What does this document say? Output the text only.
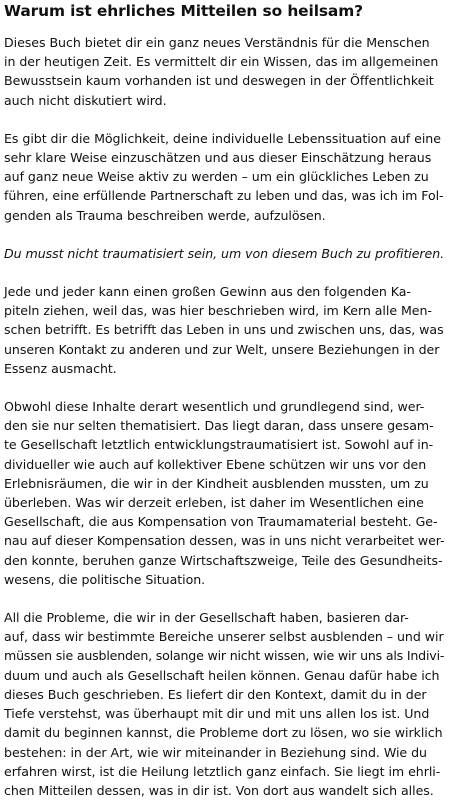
Warum ist ehrliches Mitteilen so heilsam?

Dieses Buch bietet dir ein ganz neues Verständnis für die Menschen
in der heutigen Zeit. Es vermittelt dir ein Wissen, das im allgemeinen
Bewusstsein kaum vorhanden ist und deswegen in der Öffentlichkeit
auch nicht diskutiert wird.

Es gibt dir die Möglichkeit, deine individuelle Lebenssituation auf eine
sehr klare Weise einzuschätzen und aus dieser Einschätzung heraus
auf ganz neue Weise aktiv zu werden – um ein glückliches Leben zu
führen, eine erfüllende Partnerschaft zu leben und das, was ich im Fol-
genden als Trauma beschreiben werde, aufzulösen.

Du musst nicht traumatisiert sein, um von diesem Buch zu profitieren.

Jede und jeder kann einen großen Gewinn aus den folgenden Ka-
piteln ziehen, weil das, was hier beschrieben wird, im Kern alle Men-
schen betrifft. Es betrifft das Leben in uns und zwischen uns, das, was
unseren Kontakt zu anderen und zur Welt, unsere Beziehungen in der
Essenz ausmacht.

Obwohl diese Inhalte derart wesentlich und grundlegend sind, wer-
den sie nur selten thematisiert. Das liegt daran, dass unsere gesam-
te Gesellschaft letztlich entwicklungstraumatisiert ist. Sowohl auf in-
dividueller wie auch auf kollektiver Ebene schützen wir uns vor den
Erlebnisräumen, die wir in der Kindheit ausblenden mussten, um zu
überleben. Was wir derzeit erleben, ist daher im Wesentlichen eine
Gesellschaft, die aus Kompensation von Traumamaterial besteht. Ge-
nau auf dieser Kompensation dessen, was in uns nicht verarbeitet wer-
den konnte, beruhen ganze Wirtschaftszweige, Teile des Gesundheits-
wesens, die politische Situation.

All die Probleme, die wir in der Gesellschaft haben, basieren dar-
auf, dass wir bestimmte Bereiche unserer selbst ausblenden – und wir
müssen sie ausblenden, solange wir nicht wissen, wie wir uns als Indivi-
duum und auch als Gesellschaft heilen können. Genau dafür habe ich
dieses Buch geschrieben. Es liefert dir den Kontext, damit du in der
Tiefe verstehst, was überhaupt mit dir und mit uns allen los ist. Und
damit du beginnen kannst, die Probleme dort zu lösen, wo sie wirklich
bestehen: in der Art, wie wir miteinander in Beziehung sind. Wie du
erfahren wirst, ist die Heilung letztlich ganz einfach. Sie liegt im ehrli-
chen Mitteilen dessen, was in dir ist. Von dort aus wandelt sich alles.
